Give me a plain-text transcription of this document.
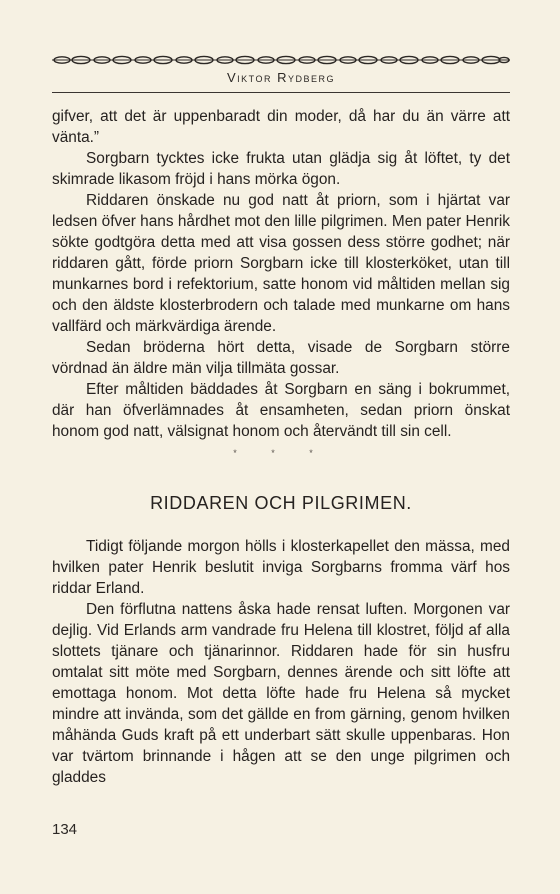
Viktor Rydberg

gifver, att det är uppenbaradt din moder, då har du än värre att vänta.”

Sorgbarn tycktes icke frukta utan glädja sig åt löftet, ty det skimrade likasom fröjd i hans mörka ögon.

Riddaren önskade nu god natt åt priorn, som i hjärtat var ledsen öfver hans hårdhet mot den lille pilgrimen. Men pater Henrik sökte godtgöra detta med att visa gossen dess större godhet; när riddaren gått, förde priorn Sorgbarn icke till klosterköket, utan till munkarnes bord i refektorium, satte honom vid måltiden mellan sig och den äldste klosterbrodern och talade med munkarne om hans vallfärd och märkvärdiga ärende.

Sedan bröderna hört detta, visade de Sorgbarn större vördnad än äldre män vilja tillmäta gossar.

Efter måltiden bäddades åt Sorgbarn en säng i bokrummet, där han öfverlämnades åt ensamheten, sedan priorn önskat honom god natt, välsignat honom och återvändt till sin cell.

* * *
RIDDAREN OCH PILGRIMEN.

Tidigt följande morgon hölls i klosterkapellet den mässa, med hvilken pater Henrik beslutit inviga Sorgbarns fromma värf hos riddar Erland.

Den förflutna nattens åska hade rensat luften. Morgonen var dejlig. Vid Erlands arm vandrade fru Helena till klostret, följd af alla slottets tjänare och tjänarinnor. Riddaren hade för sin husfru omtalat sitt möte med Sorgbarn, dennes ärende och sitt löfte att emottaga honom. Mot detta löfte hade fru Helena så mycket mindre att invända, som det gällde en from gärning, genom hvilken måhända Guds kraft på ett underbart sätt skulle uppenbaras. Hon var tvärtom brinnande i hågen att se den unge pilgrimen och gladdes

134
